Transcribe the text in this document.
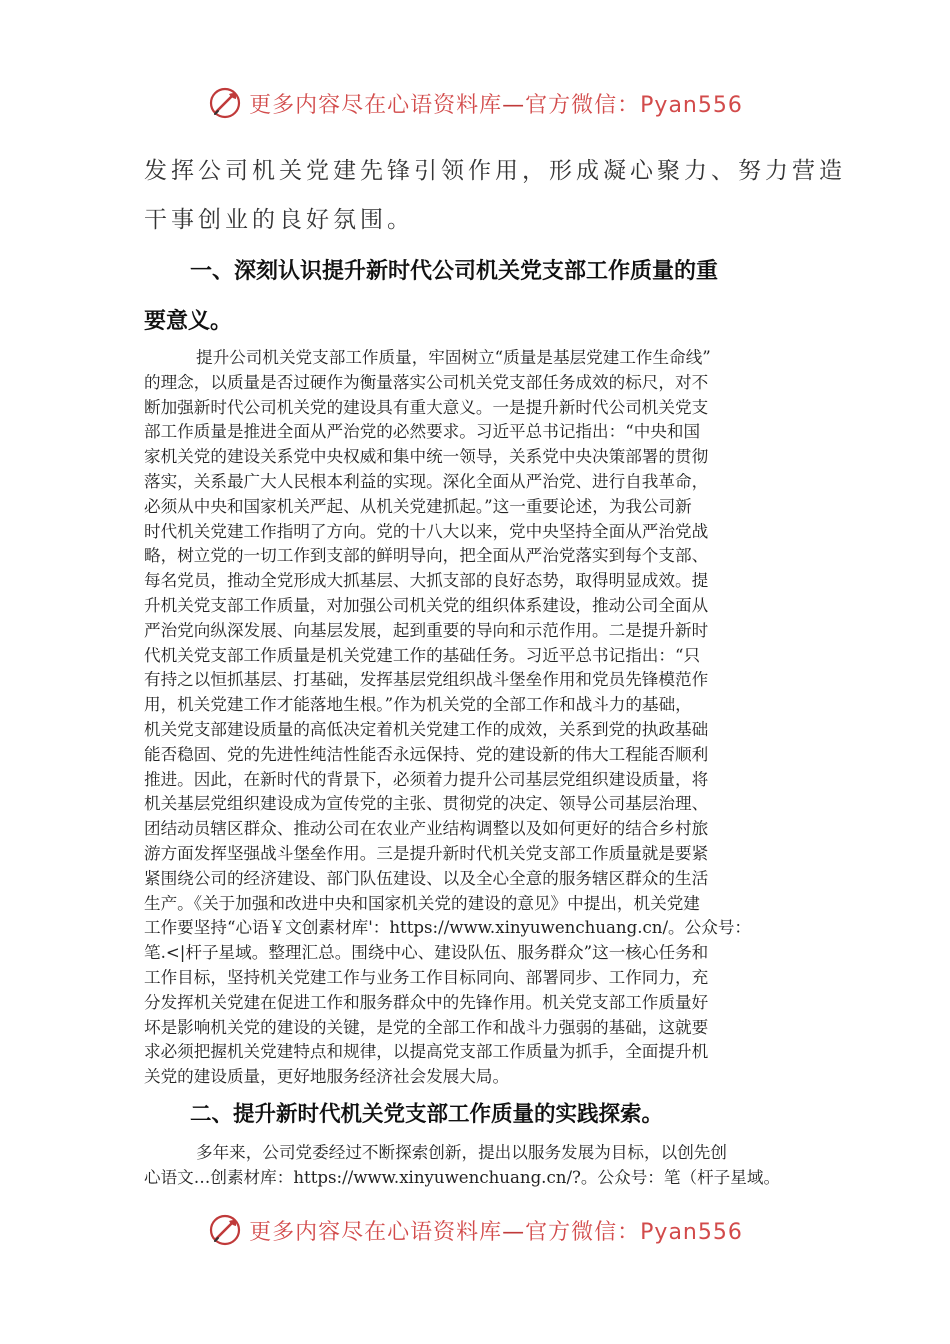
更多内容尽在心语资料库—官方微信：Pyan556

发挥公司机关党建先锋引领作用，形成凝心聚力、努力营造

干事创业的良好氛围。

一、深刻认识提升新时代公司机关党支部工作质量的重
要意义。
提升公司机关党支部工作质量，牢固树立“质量是基层党建工作生命线”
的理念，以质量是否过硬作为衡量落实公司机关党支部任务成效的标尺，对不
断加强新时代公司机关党的建设具有重大意义。一是提升新时代公司机关党支
部工作质量是推进全面从严治党的必然要求。习近平总书记指出：“中央和国
家机关党的建设关系党中央权威和集中统一领导，关系党中央决策部署的贯彻
落实，关系最广大人民根本利益的实现。深化全面从严治党、进行自我革命，
必须从中央和国家机关严起、从机关党建抓起。”这一重要论述，为我公司新
时代机关党建工作指明了方向。党的十八大以来，党中央坚持全面从严治党战
略，树立党的一切工作到支部的鲜明导向，把全面从严治党落实到每个支部、
每名党员，推动全党形成大抓基层、大抓支部的良好态势，取得明显成效。提
升机关党支部工作质量，对加强公司机关党的组织体系建设，推动公司全面从
严治党向纵深发展、向基层发展，起到重要的导向和示范作用。二是提升新时
代机关党支部工作质量是机关党建工作的基础任务。习近平总书记指出：“只
有持之以恒抓基层、打基础，发挥基层党组织战斗堡垒作用和党员先锋模范作
用，机关党建工作才能落地生根。”作为机关党的全部工作和战斗力的基础，
机关党支部建设质量的高低决定着机关党建工作的成效，关系到党的执政基础
能否稳固、党的先进性纯洁性能否永远保持、党的建设新的伟大工程能否顺利
推进。因此，在新时代的背景下，必须着力提升公司基层党组织建设质量，将
机关基层党组织建设成为宣传党的主张、贯彻党的决定、领导公司基层治理、
团结动员辖区群众、推动公司在农业产业结构调整以及如何更好的结合乡村旅
游方面发挥坚强战斗堡垒作用。三是提升新时代机关党支部工作质量就是要紧
紧围绕公司的经济建设、部门队伍建设、以及全心全意的服务辖区群众的生活
生产。《关于加强和改进中央和国家机关党的建设的意见》中提出，机关党建
工作要坚持“心语￥文创素材库'：https://www.xinyuwenchuang.cn/。公众号：
笔.<|杆子星域。整理汇总。围绕中心、建设队伍、服务群众”这一核心任务和
工作目标，坚持机关党建工作与业务工作目标同向、部署同步、工作同力，充
分发挥机关党建在促进工作和服务群众中的先锋作用。机关党支部工作质量好
坏是影响机关党的建设的关键，是党的全部工作和战斗力强弱的基础，这就要
求必须把握机关党建特点和规律，以提高党支部工作质量为抓手，全面提升机
关党的建设质量，更好地服务经济社会发展大局。
二、提升新时代机关党支部工作质量的实践探索。
多年来，公司党委经过不断探索创新，提出以服务发展为目标，以创先创
心语文…创素材库：https://www.xinyuwenchuang.cn/?。公众号：笔（杆子星域。
更多内容尽在心语资料库—官方微信：Pyan556
